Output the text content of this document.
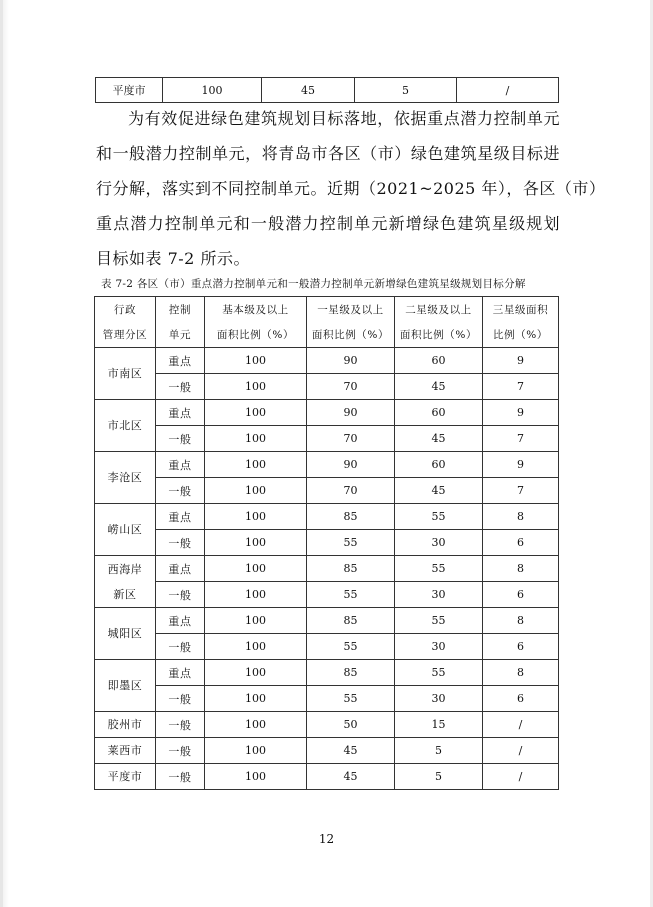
平度市	100	45	5	/
为有效促进绿色建筑规划目标落地，依据重点潜力控制单元
和一般潜力控制单元，将青岛市各区（市）绿色建筑星级目标进
行分解，落实到不同控制单元。近期（2021~2025 年），各区（市）
重点潜力控制单元和一般潜力控制单元新增绿色建筑星级规划
目标如表 7-2 所示。
表 7-2 各区（市）重点潜力控制单元和一般潜力控制单元新增绿色建筑星级规划目标分解
行政	控制	基本级及以上	一星级及以上	二星级及以上	三星级面积
管理分区	单元	面积比例（%）	面积比例（%）	面积比例（%）	比例（%）
市南区	重点	100	90	60	9
	一般	100	70	45	7
市北区	重点	100	90	60	9
	一般	100	70	45	7
李沧区	重点	100	90	60	9
	一般	100	70	45	7
崂山区	重点	100	85	55	8
	一般	100	55	30	6

西海岸
新区	重点	100	85	55	8
	一般	100	55	30	6
城阳区	重点	100	85	55	8
	一般	100	55	30	6
即墨区	重点	100	85	55	8
	一般	100	55	30	6
胶州市	一般	100	50	15	/
莱西市	一般	100	45	5	/
平度市	一般	100	45	5	/
12
